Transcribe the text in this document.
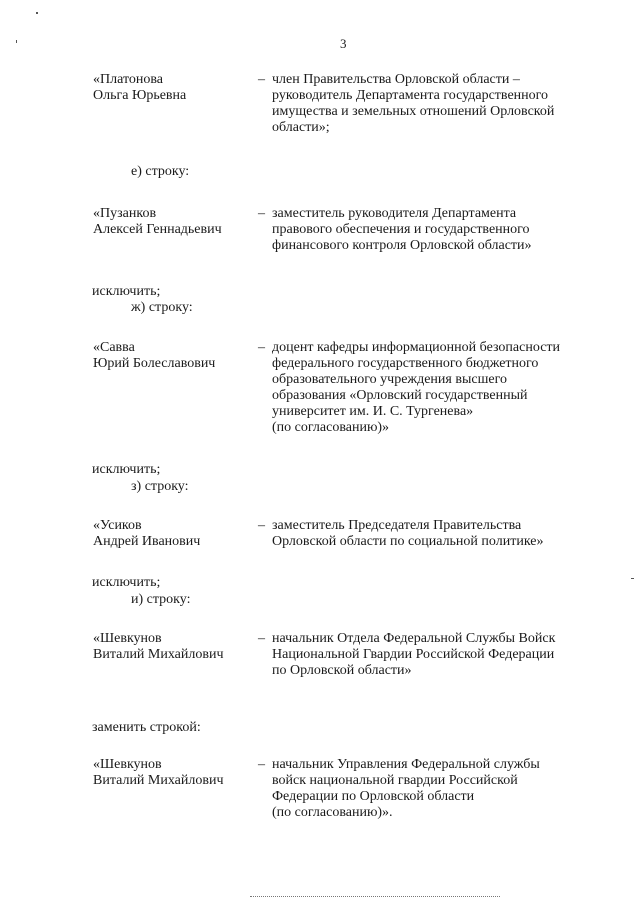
3
«Платонова
Ольга Юрьевна
– член Правительства Орловской области –
руководитель Департамента государственного
имущества и земельных отношений Орловской
области»;
е) строку:
«Пузанков
Алексей Геннадьевич
– заместитель руководителя Департамента
правового обеспечения и государственного
финансового контроля Орловской области»
исключить;
ж) строку:
«Савва
Юрий Болеславович
– доцент кафедры информационной безопасности
федерального государственного бюджетного
образовательного учреждения высшего
образования «Орловский государственный
университет им. И. С. Тургенева»
(по согласованию)»
исключить;
з) строку:
«Усиков
Андрей Иванович
– заместитель Председателя Правительства
Орловской области по социальной политике»
исключить;
и) строку:
«Шевкунов
Виталий Михайлович
– начальник Отдела Федеральной Службы Войск
Национальной Гвардии Российской Федерации
по Орловской области»
заменить строкой:
«Шевкунов
Виталий Михайлович
– начальник Управления Федеральной службы
войск национальной гвардии Российской
Федерации по Орловской области
(по согласованию)».
